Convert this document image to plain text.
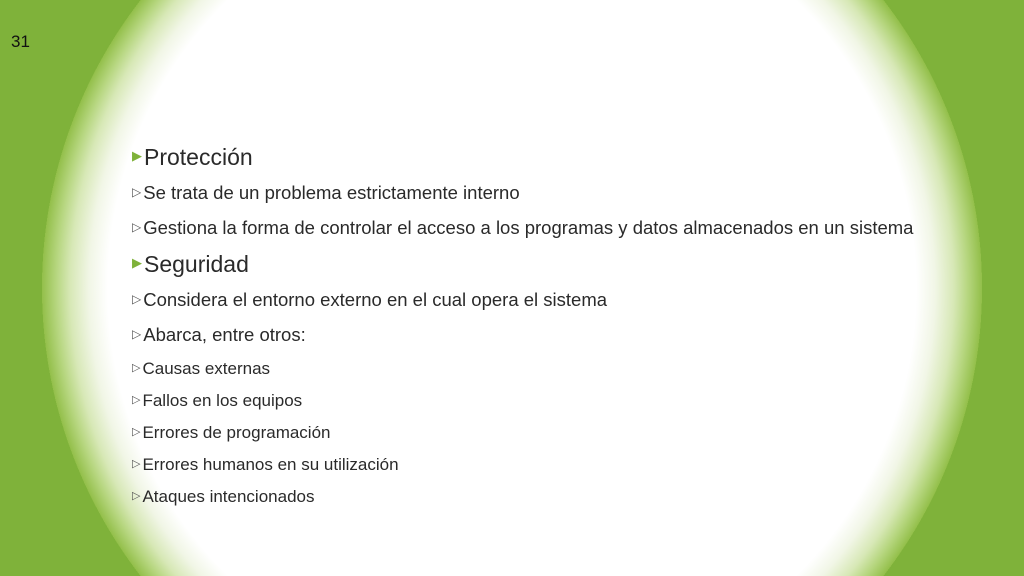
31
▶ Protección
▷ Se trata de un problema estrictamente interno
▷ Gestiona la forma de controlar el acceso a los programas y datos almacenados en un sistema
▶ Seguridad
▷ Considera el entorno externo en el cual opera el sistema
▷ Abarca, entre otros:
▷ Causas externas
▷ Fallos en los equipos
▷ Errores de programación
▷ Errores humanos en su utilización
▷ Ataques intencionados
